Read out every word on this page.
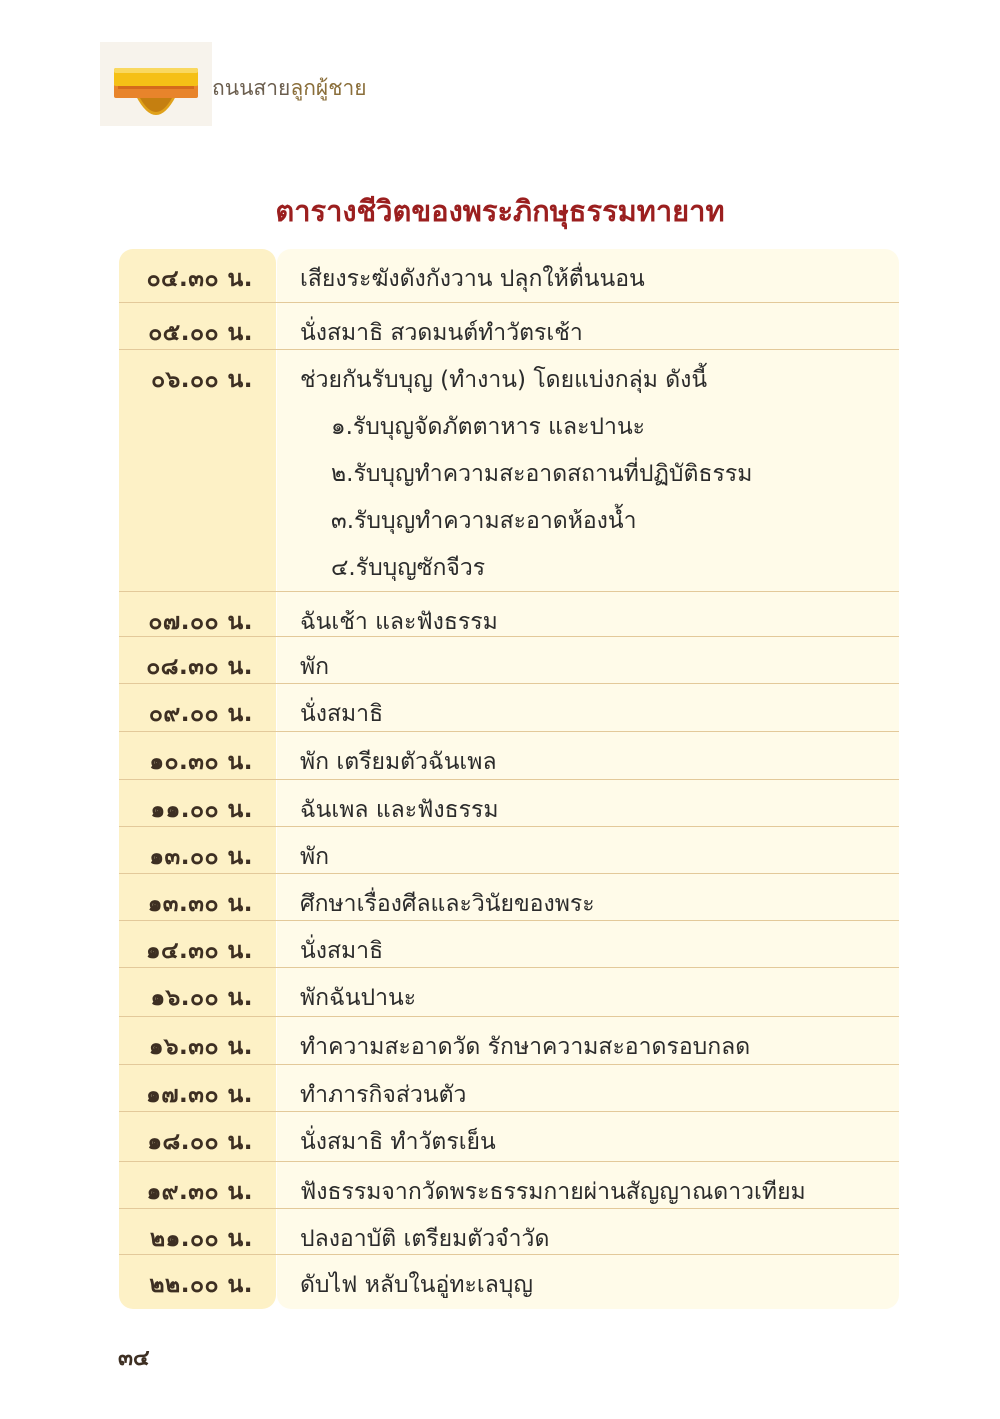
ถนนสายลูกผู้ชาย
ตารางชีวิตของพระภิกษุธรรมทายาท
๐๔.๓๐ น. เสียงระฆังดังกังวาน ปลุกให้ตื่นนอน
๐๕.๐๐ น. นั่งสมาธิ สวดมนต์ทำวัตรเช้า
๐๖.๐๐ น. ช่วยกันรับบุญ (ทำงาน) โดยแบ่งกลุ่ม ดังนี้
๑.รับบุญจัดภัตตาหาร และปานะ
๒.รับบุญทำความสะอาดสถานที่ปฏิบัติธรรม
๓.รับบุญทำความสะอาดห้องน้ำ
๔.รับบุญซักจีวร
๐๗.๐๐ น. ฉันเช้า และฟังธรรม
๐๘.๓๐ น. พัก
๐๙.๐๐ น. นั่งสมาธิ
๑๐.๓๐ น. พัก เตรียมตัวฉันเพล
๑๑.๐๐ น. ฉันเพล และฟังธรรม
๑๓.๐๐ น. พัก
๑๓.๓๐ น. ศึกษาเรื่องศีลและวินัยของพระ
๑๔.๓๐ น. นั่งสมาธิ
๑๖.๐๐ น. พักฉันปานะ
๑๖.๓๐ น. ทำความสะอาดวัด รักษาความสะอาดรอบกลด
๑๗.๓๐ น. ทำภารกิจส่วนตัว
๑๘.๐๐ น. นั่งสมาธิ ทำวัตรเย็น
๑๙.๓๐ น. ฟังธรรมจากวัดพระธรรมกายผ่านสัญญาณดาวเทียม
๒๑.๐๐ น. ปลงอาบัติ เตรียมตัวจำวัด
๒๒.๐๐ น. ดับไฟ หลับในอู่ทะเลบุญ
๓๔
